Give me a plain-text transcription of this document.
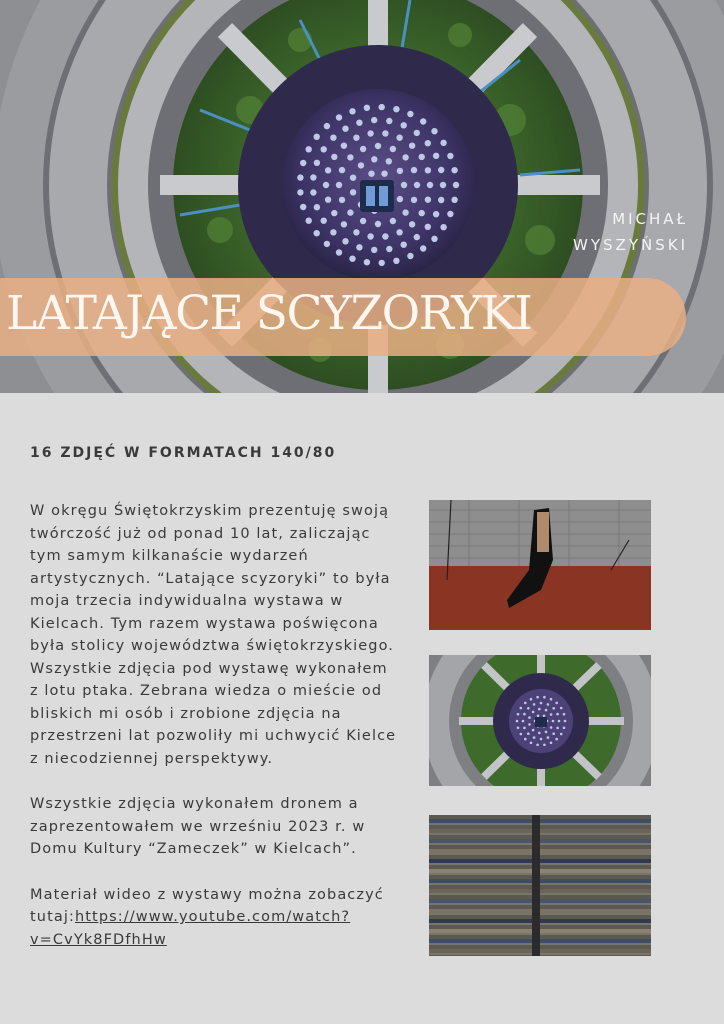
MICHAŁ
WYSZYŃSKI
LATAJĄCE SCYZORYKI
16 ZDJĘĆ W FORMATACH 140/80

W okręgu Świętokrzyskim prezentuję swoją twórczość już od ponad 10 lat, zaliczając tym samym kilkanaście wydarzeń artystycznych. “Latające scyzoryki” to była moja trzecia indywidualna wystawa w Kielcach. Tym razem wystawa poświęcona była stolicy województwa świętokrzyskiego. Wszystkie zdjęcia pod wystawę wykonałem z lotu ptaka. Zebrana wiedza o mieście od bliskich mi osób i zrobione zdjęcia na przestrzeni lat pozwoliły mi uchwycić Kielce z niecodziennej perspektywy.

Wszystkie zdjęcia wykonałem dronem a zaprezentowałem we wrześniu 2023 r. w Domu Kultury “Zameczek” w Kielcach”.

Materiał wideo z wystawy można zobaczyć tutaj:https://www.youtube.com/watch?v=CvYk8FDfhHw
